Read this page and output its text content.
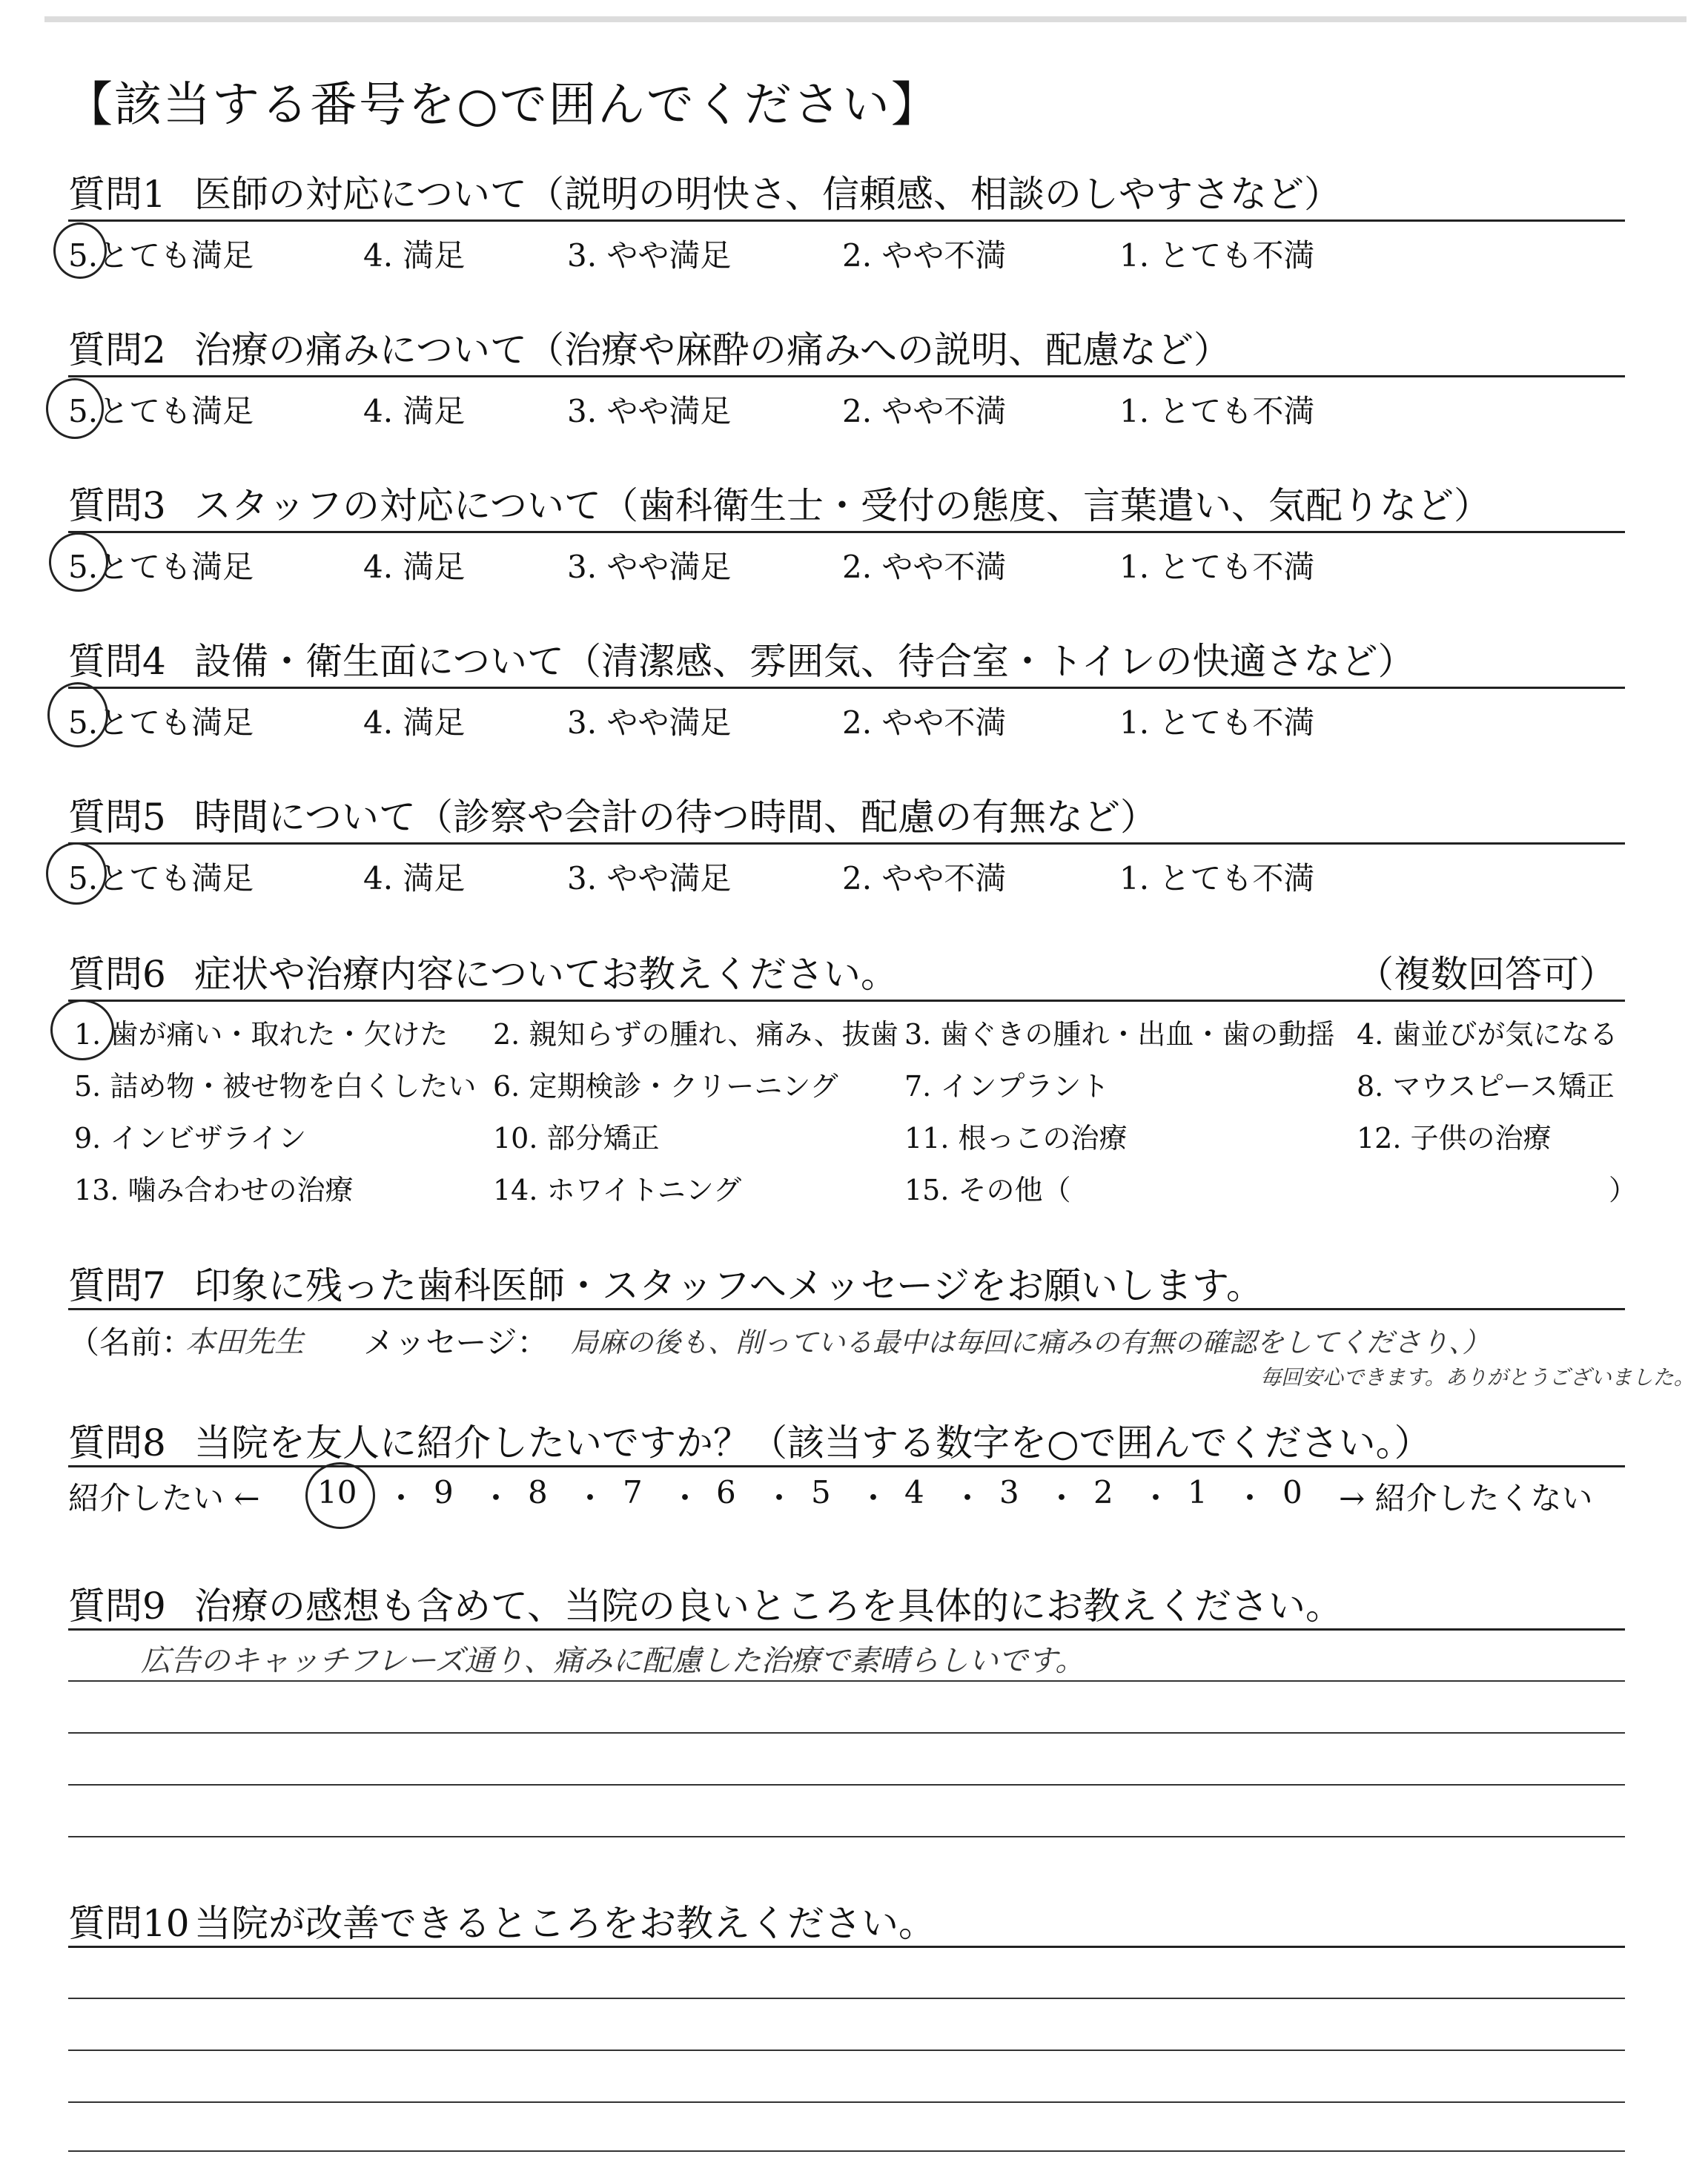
【該当する番号を○で囲んでください】
質問1 医師の対応について（説明の明快さ、信頼感、相談のしやすさなど）
5.とても満足	4. 満足	3. やや満足	2. やや不満	1. とても不満
質問2 治療の痛みについて（治療や麻酔の痛みへの説明、配慮など）
5.とても満足	4. 満足	3. やや満足	2. やや不満	1. とても不満
質問3 スタッフの対応について（歯科衛生士・受付の態度、言葉遣い、気配りなど）
5.とても満足	4. 満足	3. やや満足	2. やや不満	1. とても不満
質問4 設備・衛生面について（清潔感、雰囲気、待合室・トイレの快適さなど）
5.とても満足	4. 満足	3. やや満足	2. やや不満	1. とても不満
質問5 時間について（診察や会計の待つ時間、配慮の有無など）
5.とても満足	4. 満足	3. やや満足	2. やや不満	1. とても不満
質問6 症状や治療内容についてお教えください。	（複数回答可）
1. 歯が痛い・取れた・欠けた 2. 親知らずの腫れ、痛み、抜歯 3. 歯ぐきの腫れ・出血・歯の動揺 4. 歯並びが気になる
5. 詰め物・被せ物を白くしたい 6. 定期検診・クリーニング 7. インプラント	8. マウスピース矯正
9. インビザライン	10. 部分矯正	11. 根っこの治療	12. 子供の治療
13. 噛み合わせの治療	14. ホワイトニング	15. その他（	）
質問7 印象に残った歯科医師・スタッフへメッセージをお願いします。
（名前：
本田先生 メッセージ： 局麻の後も、削っている最中は毎回に痛みの有無の確認をしてくださり、）
毎回安心できます。ありがとうございました。
質問8 当院を友人に紹介したいですか？（該当する数字を○で囲んでください。）
紹介したい ← 10 ・ 9 ・ 8 ・ 7 ・ 6 ・ 5 ・ 4 ・ 3 ・ 2 ・ 1 ・ 0 → 紹介したくない
質問9 治療の感想も含めて、当院の良いところを具体的にお教えください。
広告のキャッチフレーズ通り、痛みに配慮した治療で素晴らしいです。
質問10 当院が改善できるところをお教えください。
